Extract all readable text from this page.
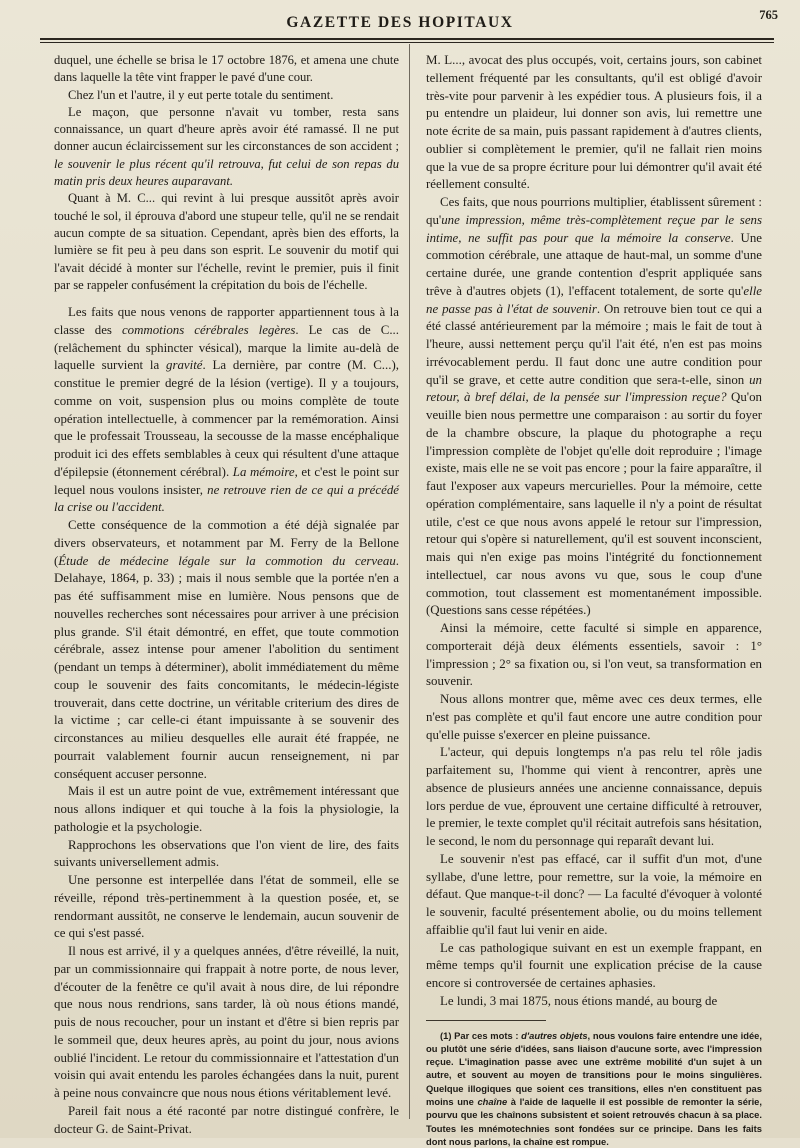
GAZETTE DES HOPITAUX	765

duquel, une échelle se brisa le 17 octobre 1876, et amena une chute dans laquelle la tête vint frapper le pavé d'une cour.

Chez l'un et l'autre, il y eut perte totale du sentiment.

Le maçon, que personne n'avait vu tomber, resta sans connaissance, un quart d'heure après avoir été ramassé. Il ne put donner aucun éclaircissement sur les circonstances de son accident ; le souvenir le plus récent qu'il retrouva, fut celui de son repas du matin pris deux heures auparavant.

Quant à M. C... qui revint à lui presque aussitôt après avoir touché le sol, il éprouva d'abord une stupeur telle, qu'il ne se rendait aucun compte de sa situation. Cependant, après bien des efforts, la lumière se fit peu à peu dans son esprit. Le souvenir du motif qui l'avait décidé à monter sur l'échelle, revint le premier, puis il finit par se rappeler confusément la crépitation du bois de l'échelle.

Les faits que nous venons de rapporter appartiennent tous à la classe des commotions cérébrales legères. Le cas de C... (relâchement du sphincter vésical), marque la limite au-delà de laquelle survient la gravité. La dernière, par contre (M. C...), constitue le premier degré de la lésion (vertige). Il y a toujours, comme on voit, suspension plus ou moins complète de toute opération intellectuelle, à commencer par la remémoration. Ainsi que le professait Trousseau, la secousse de la masse encéphalique produit ici des effets semblables à ceux qui résultent d'une attaque d'épilepsie (étonnement cérébral). La mémoire, et c'est le point sur lequel nous voulons insister, ne retrouve rien de ce qui a précédé la crise ou l'accident.

Cette conséquence de la commotion a été déjà signalée par divers observateurs, et notamment par M. Ferry de la Bellone (Étude de médecine légale sur la commotion du cerveau. Delahaye, 1864, p. 33) ; mais il nous semble que la portée n'en a pas été suffisamment mise en lumière. Nous pensons que de nouvelles recherches sont nécessaires pour arriver à une précision plus grande. S'il était démontré, en effet, que toute commotion cérébrale, assez intense pour amener l'abolition du sentiment (pendant un temps à déterminer), abolit immédiatement du même coup le souvenir des faits concomitants, le médecin-légiste trouverait, dans cette doctrine, un véritable criterium des dires de la victime ; car celle-ci étant impuissante à se souvenir des circonstances au milieu desquelles elle aurait été frappée, ne pourrait valablement fournir aucun renseignement, ni par conséquent accuser personne.

Mais il est un autre point de vue, extrêmement intéressant que nous allons indiquer et qui touche à la fois la physiologie, la pathologie et la psychologie.

Rapprochons les observations que l'on vient de lire, des faits suivants universellement admis.

Une personne est interpellée dans l'état de sommeil, elle se réveille, répond très-pertinemment à la question posée, et, se rendormant aussitôt, ne conserve le lendemain, aucun souvenir de ce qui s'est passé.

Il nous est arrivé, il y a quelques années, d'être réveillé, la nuit, par un commissionnaire qui frappait à notre porte, de nous lever, d'écouter de la fenêtre ce qu'il avait à nous dire, de lui répondre que nous nous rendrions, sans tarder, là où nous étions mandé, puis de nous recoucher, pour un instant et d'être si bien repris par le sommeil que, deux heures après, au point du jour, nous avions oublié l'incident. Le retour du commissionnaire et l'attestation d'un voisin qui avait entendu les paroles échangées dans la nuit, purent à peine nous convaincre que nous nous étions véritablement levé.

Pareil fait nous a été raconté par notre distingué confrère, le docteur G. de Saint-Privat.

M. L..., avocat des plus occupés, voit, certains jours, son cabinet tellement fréquenté par les consultants, qu'il est obligé d'avoir très-vite pour parvenir à les expédier tous. A plusieurs fois, il a pu entendre un plaideur, lui donner son avis, lui remettre une note écrite de sa main, puis passant rapidement à d'autres clients, oublier si complètement le premier, qu'il ne fallait rien moins que la vue de sa propre écriture pour lui démontrer qu'il avait été réellement consulté.

Ces faits, que nous pourrions multiplier, établissent sûrement : qu'une impression, même très-complètement reçue par le sens intime, ne suffit pas pour que la mémoire la conserve. Une commotion cérébrale, une attaque de haut-mal, un somme d'une certaine durée, une grande contention d'esprit appliquée sans trêve à d'autres objets (1), l'effacent totalement, de sorte qu'elle ne passe pas à l'état de souvenir. On retrouve bien tout ce qui a été classé antérieurement par la mémoire ; mais le fait de tout à l'heure, aussi nettement perçu qu'il l'ait été, n'en est pas moins irrévocablement perdu. Il faut donc une autre condition pour qu'il se grave, et cette autre condition que sera-t-elle, sinon un retour, à bref délai, de la pensée sur l'impression reçue? Qu'on veuille bien nous permettre une comparaison : au sortir du foyer de la chambre obscure, la plaque du photographe a reçu l'impression complète de l'objet qu'elle doit reproduire ; l'image existe, mais elle ne se voit pas encore ; pour la faire apparaître, il faut l'exposer aux vapeurs mercurielles. Pour la mémoire, cette opération complémentaire, sans laquelle il n'y a point de résultat utile, c'est ce que nous avons appelé le retour sur l'impression, retour qui s'opère si naturellement, qu'il est souvent inconscient, mais qui n'en exige pas moins l'intégrité du fonctionnement intellectuel, car nous avons vu que, sous le coup d'une commotion, tout classement est momentanément impossible. (Questions sans cesse répétées.)

Ainsi la mémoire, cette faculté si simple en apparence, comporterait déjà deux éléments essentiels, savoir : 1° l'impression ; 2° sa fixation ou, si l'on veut, sa transformation en souvenir.

Nous allons montrer que, même avec ces deux termes, elle n'est pas complète et qu'il faut encore une autre condition pour qu'elle puisse s'exercer en pleine puissance.

L'acteur, qui depuis longtemps n'a pas relu tel rôle jadis parfaitement su, l'homme qui vient à rencontrer, après une absence de plusieurs années une ancienne connaissance, depuis lors perdue de vue, éprouvent une certaine difficulté à retrouver, le premier, le texte complet qu'il récitait autrefois sans hésitation, le second, le nom du personnage qui reparaît devant lui.

Le souvenir n'est pas effacé, car il suffit d'un mot, d'une syllabe, d'une lettre, pour remettre, sur la voie, la mémoire en défaut. Que manque-t-il donc? — La faculté d'évoquer à volonté le souvenir, faculté présentement abolie, ou du moins tellement affaiblie qu'il faut lui venir en aide.

Le cas pathologique suivant en est un exemple frappant, en même temps qu'il fournit une explication précise de la cause encore si controversée de certaines aphasies.

Le lundi, 3 mai 1875, nous étions mandé, au bourg de

(1) Par ces mots : d'autres objets, nous voulons faire entendre une idée, ou plutôt une série d'idées, sans liaison d'aucune sorte, avec l'impression reçue. L'imagination passe avec une extrême mobilité d'un sujet à un autre, et souvent au moyen de transitions pour le moins singulières. Quelque illogiques que soient ces transitions, elles n'en constituent pas moins une chaîne à l'aide de laquelle il est possible de remonter la série, pourvu que les chaînons subsistent et soient retrouvés chacun à sa place. Toutes les mnémotechnies sont fondées sur ce principe. Dans les faits dont nous parlons, la chaîne est rompue.
